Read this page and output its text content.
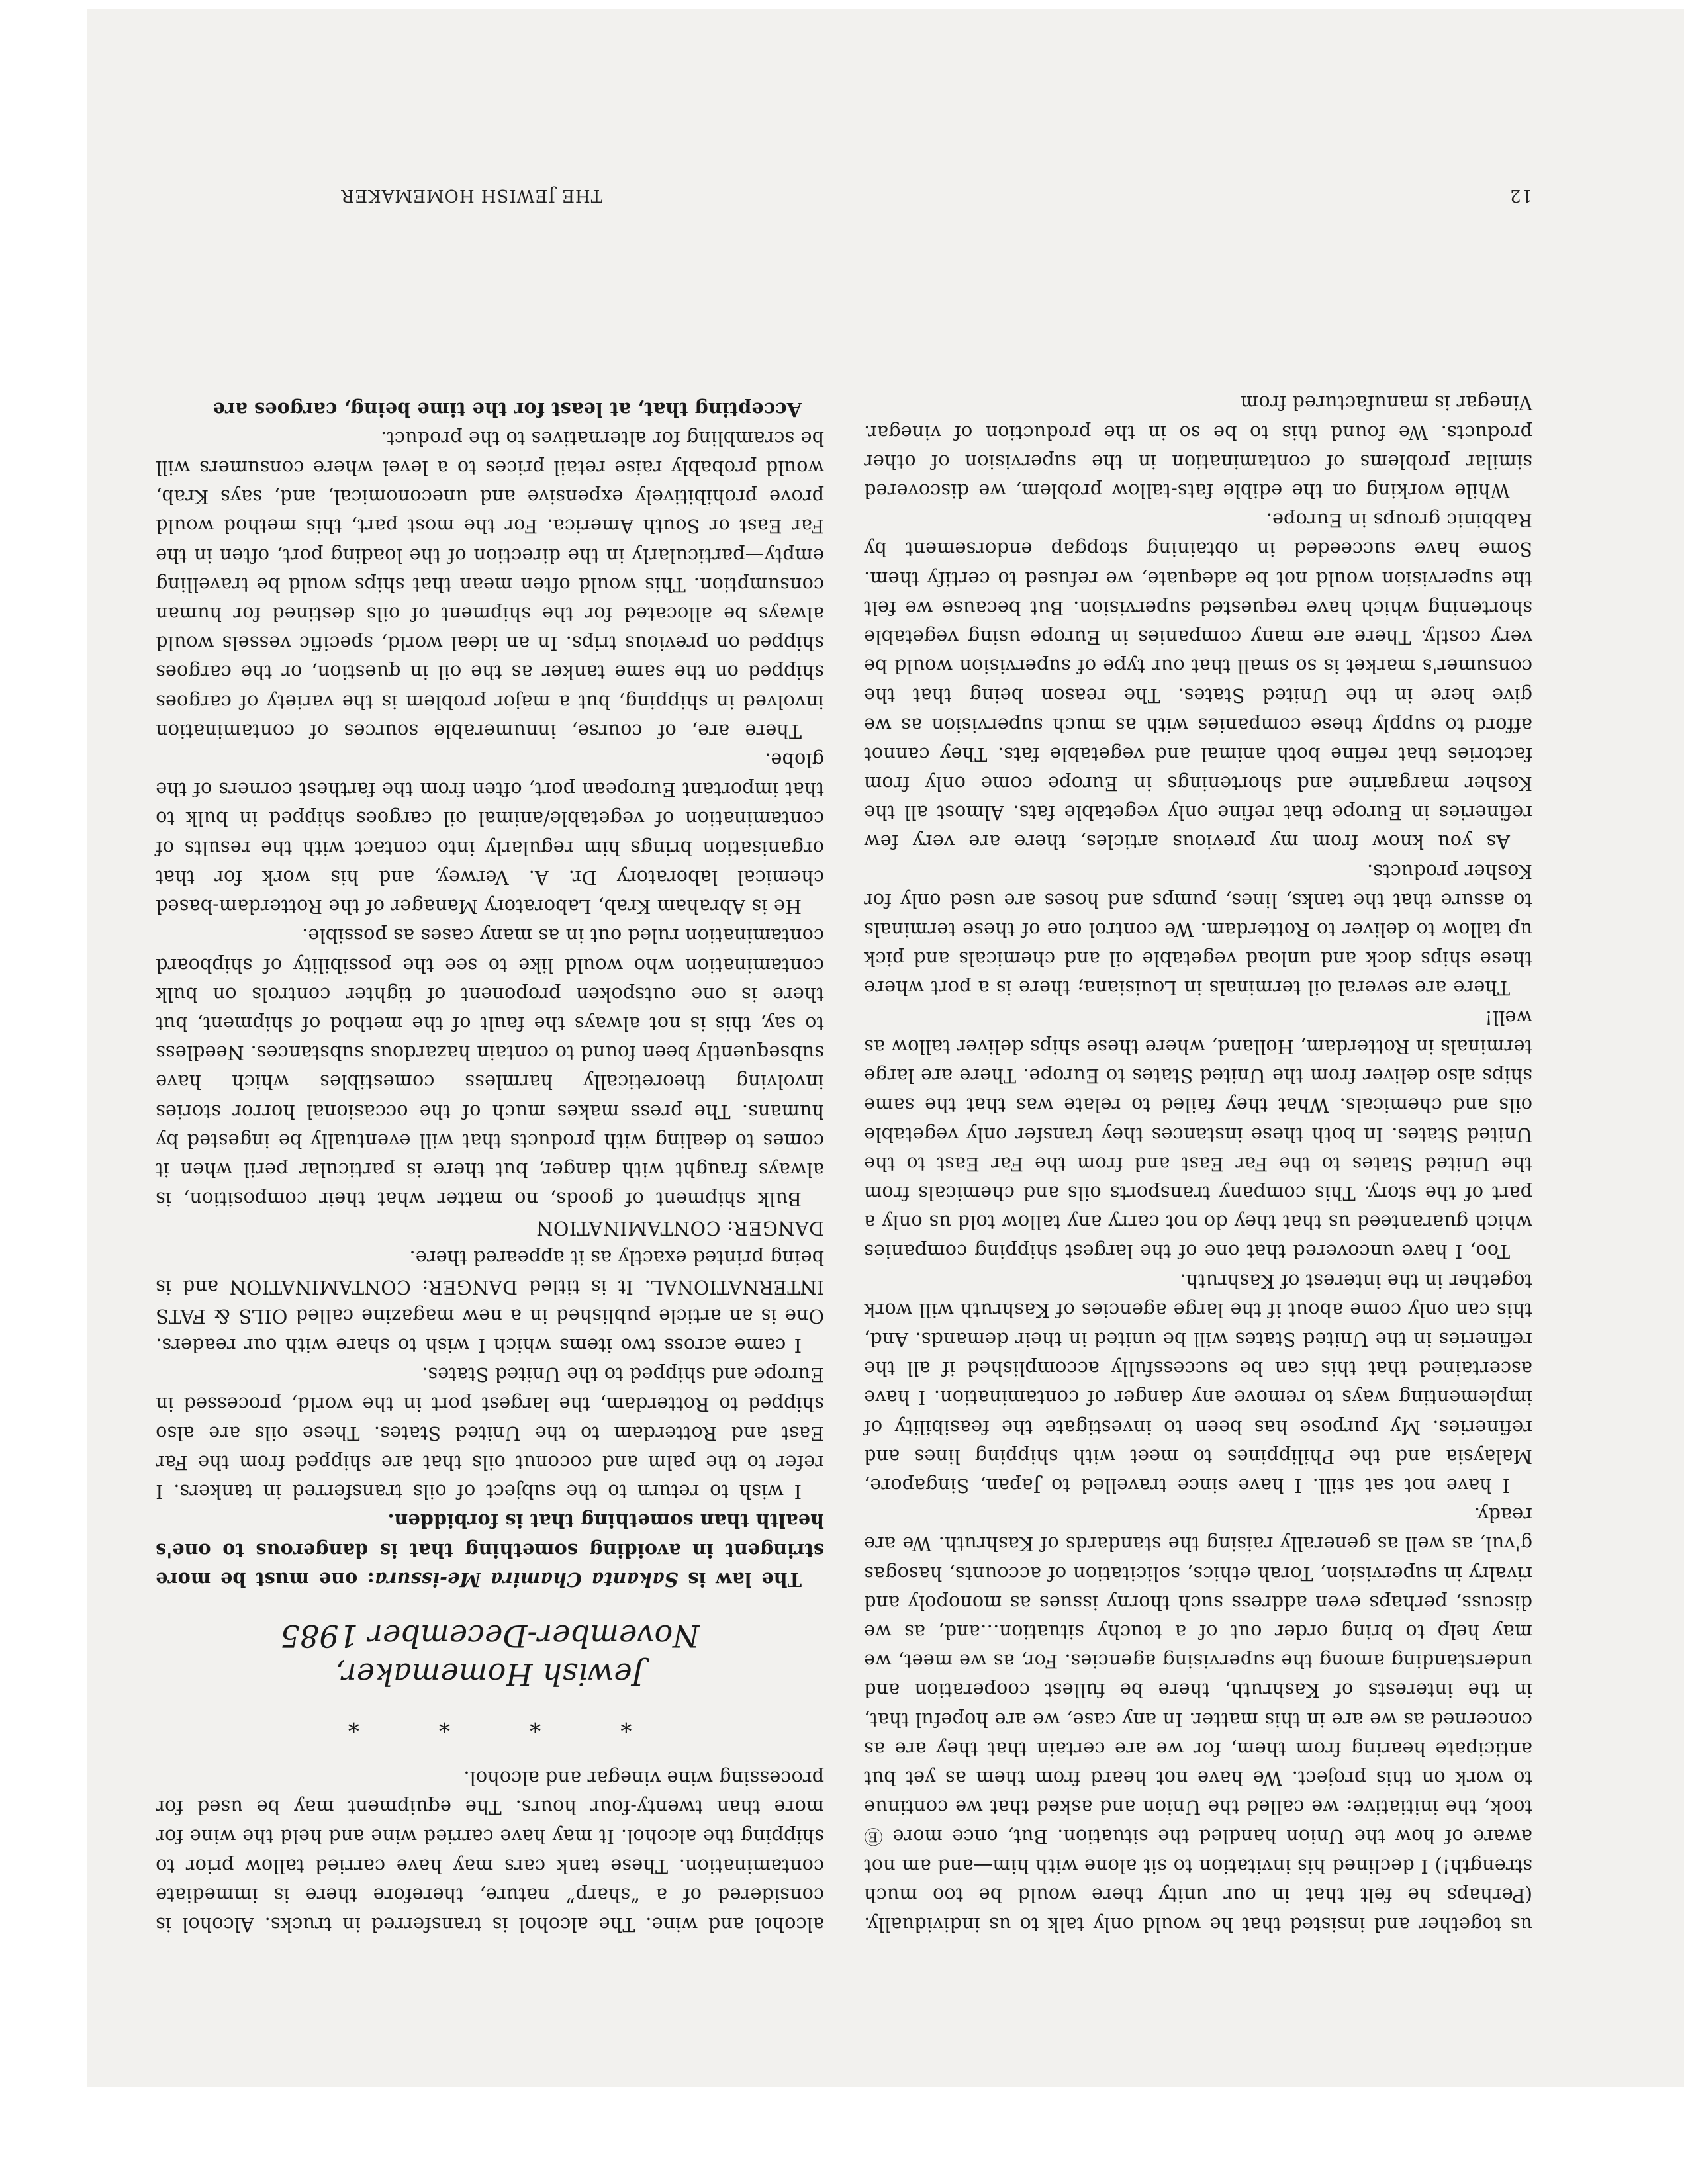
us together and insisted that he would only talk to us individually. (Perhaps he felt that in our unity there would be too much strength!) I declined his invitation to sit alone with him—and am not aware of how the Union handled the situation. But, once more Ⓔ took, the initiative: we called the Union and asked that we continue to work on this project. We have not heard from them as yet but anticipate hearing from them, for we are certain that they are as concerned as we are in this matter. In any case, we are hopeful that, in the interests of Kashruth, there be fullest cooperation and understanding among the supervising agencies. For, as we meet, we may help to bring order out of a touchy situation…and, as we discuss, perhaps even address such thorny issues as monopoly and rivalry in supervision, Torah ethics, solicitation of accounts, hasogas g'vul, as well as generally raising the standards of Kashruth. We are ready.

I have not sat still. I have since travelled to Japan, Singapore, Malaysia and the Philippines to meet with shipping lines and refineries. My purpose has been to investigate the feasibility of implementing ways to remove any danger of contamination. I have ascertained that this can be successfully accomplished if all the refineries in the United States will be united in their demands. And, this can only come about if the large agencies of Kashruth will work together in the interest of Kashruth.

Too, I have uncovered that one of the largest shipping companies which guaranteed us that they do not carry any tallow told us only a part of the story. This company transports oils and chemicals from the United States to the Far East and from the Far East to the United States. In both these instances they transfer only vegetable oils and chemicals. What they failed to relate was that the same ships also deliver from the United States to Europe. There are large terminals in Rotterdam, Holland, where these ships deliver tallow as well!

There are several oil terminals in Louisiana; there is a port where these ships dock and unload vegetable oil and chemicals and pick up tallow to deliver to Rotterdam. We control one of these terminals to assure that the tanks, lines, pumps and hoses are used only for Kosher products.

As you know from my previous articles, there are very few refineries in Europe that refine only vegetable fats. Almost all the Kosher margarine and shortenings in Europe come only from factories that refine both animal and vegetable fats. They cannot afford to supply these companies with as much supervision as we give here in the United States. The reason being that the consumer's market is so small that our type of supervision would be very costly. There are many companies in Europe using vegetable shortening which have requested supervision. But because we felt the supervision would not be adequate, we refused to certify them. Some have succeeded in obtaining stopgap endorsement by Rabbinic groups in Europe.

While working on the edible fats-tallow problem, we discovered similar problems of contamination in the supervision of other products. We found this to be so in the production of vinegar. Vinegar is manufactured from

alcohol and wine. The alcohol is transferred in trucks. Alcohol is considered of a “sharp” nature, therefore there is immediate contamination. These tank cars may have carried tallow prior to shipping the alcohol. It may have carried wine and held the wine for more than twenty-four hours. The equipment may be used for processing wine vinegar and alcohol.

*
*
*
*
Jewish Homemaker,
November-December 1985

The law is Sakanta Chamira Me-issura: one must be more stringent in avoiding something that is dangerous to one's health than something that is forbidden.

I wish to return to the subject of oils transferred in tankers. I refer to the palm and coconut oils that are shipped from the Far East and Rotterdam to the United States. These oils are also shipped to Rotterdam, the largest port in the world, processed in Europe and shipped to the United States.

I came across two items which I wish to share with our readers. One is an article published in a new magazine called OILS & FATS INTERNATIONAL. It is titled DANGER: CONTAMINATION and is being printed exactly as it appeared there.

DANGER: CONTAMINATION

Bulk shipment of goods, no matter what their composition, is always fraught with danger, but there is particular peril when it comes to dealing with products that will eventually be ingested by humans. The press makes much of the occasional horror stories involving theoretically harmless comestibles which have subsequently been found to contain hazardous substances. Needless to say, this is not always the fault of the method of shipment, but there is one outspoken proponent of tighter controls on bulk contamination who would like to see the possibility of shipboard contamination ruled out in as many cases as possible.

He is Abraham Krab, Laboratory Manager of the Rotterdam-based chemical laboratory Dr. A. Verwey, and his work for that organisation brings him regularly into contact with the results of contamination of vegetable/animal oil cargoes shipped in bulk to that important European port, often from the farthest corners of the globe.

There are, of course, innumerable sources of contamination involved in shipping, but a major problem is the variety of cargoes shipped on the same tanker as the oil in question, or the cargoes shipped on previous trips. In an ideal world, specific vessels would always be allocated for the shipment of oils destined for human consumption. This would often mean that ships would be travelling empty—particularly in the direction of the loading port, often in the Far East or South America. For the most part, this method would prove prohibitively expensive and uneconomical, and, says Krab, would probably raise retail prices to a level where consumers will be scrambling for alternatives to the product.

Accepting that, at least for the time being, cargoes are

12
THE JEWISH HOMEMAKER
